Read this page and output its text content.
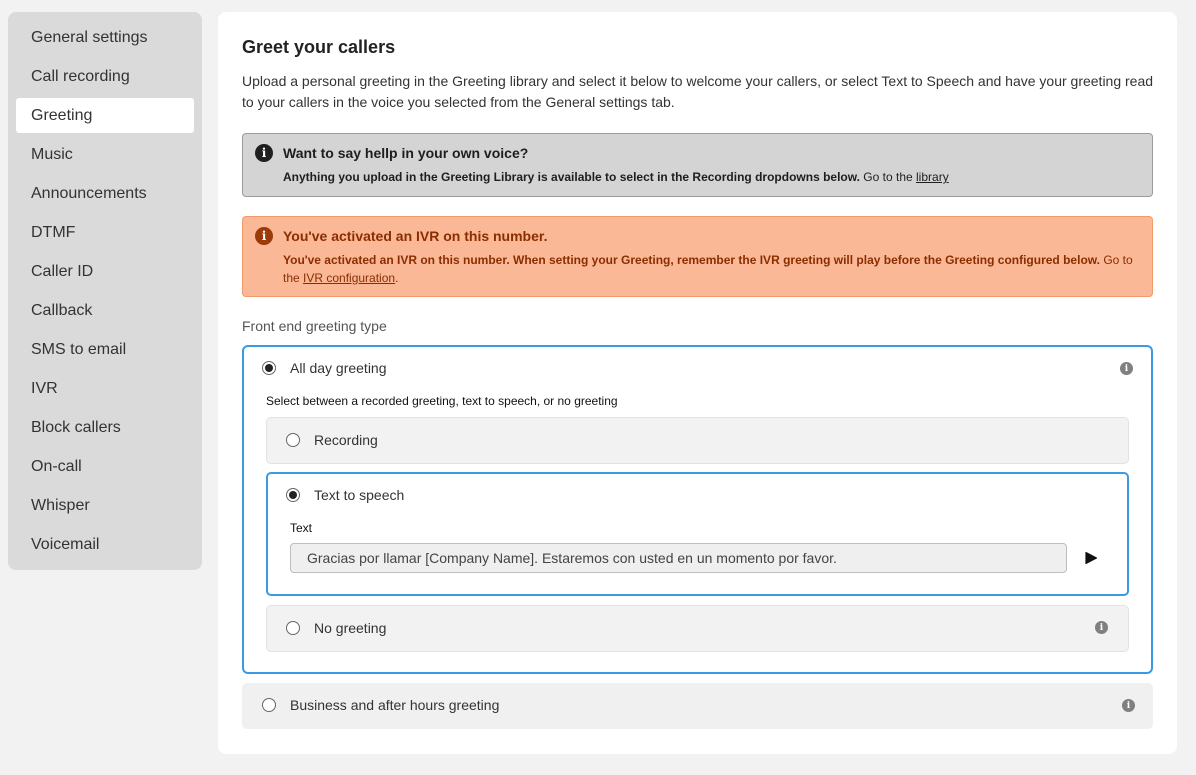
General settings
Call recording
Greeting
Music
Announcements
DTMF
Caller ID
Callback
SMS to email
IVR
Block callers
On-call
Whisper
Voicemail
Greet your callers

Upload a personal greeting in the Greeting library and select it below to welcome your callers, or select Text to Speech and have your greeting read to your callers in the voice you selected from the General settings tab.

i	Want to say hellp in your own voice?
Anything you upload in the Greeting Library is available to select in the Recording dropdowns below. Go to the library
i	You've activated an IVR on this number.
You've activated an IVR on this number. When setting your Greeting, remember the IVR greeting will play before the Greeting configured below. Go to the IVR configuration.
Front end greeting type
All day greeting	i
Select between a recorded greeting, text to speech, or no greeting
Recording
Text to speech
Text
Gracias por llamar [Company Name]. Estaremos con usted en un momento por favor.
No greeting	i
Business and after hours greeting	i
